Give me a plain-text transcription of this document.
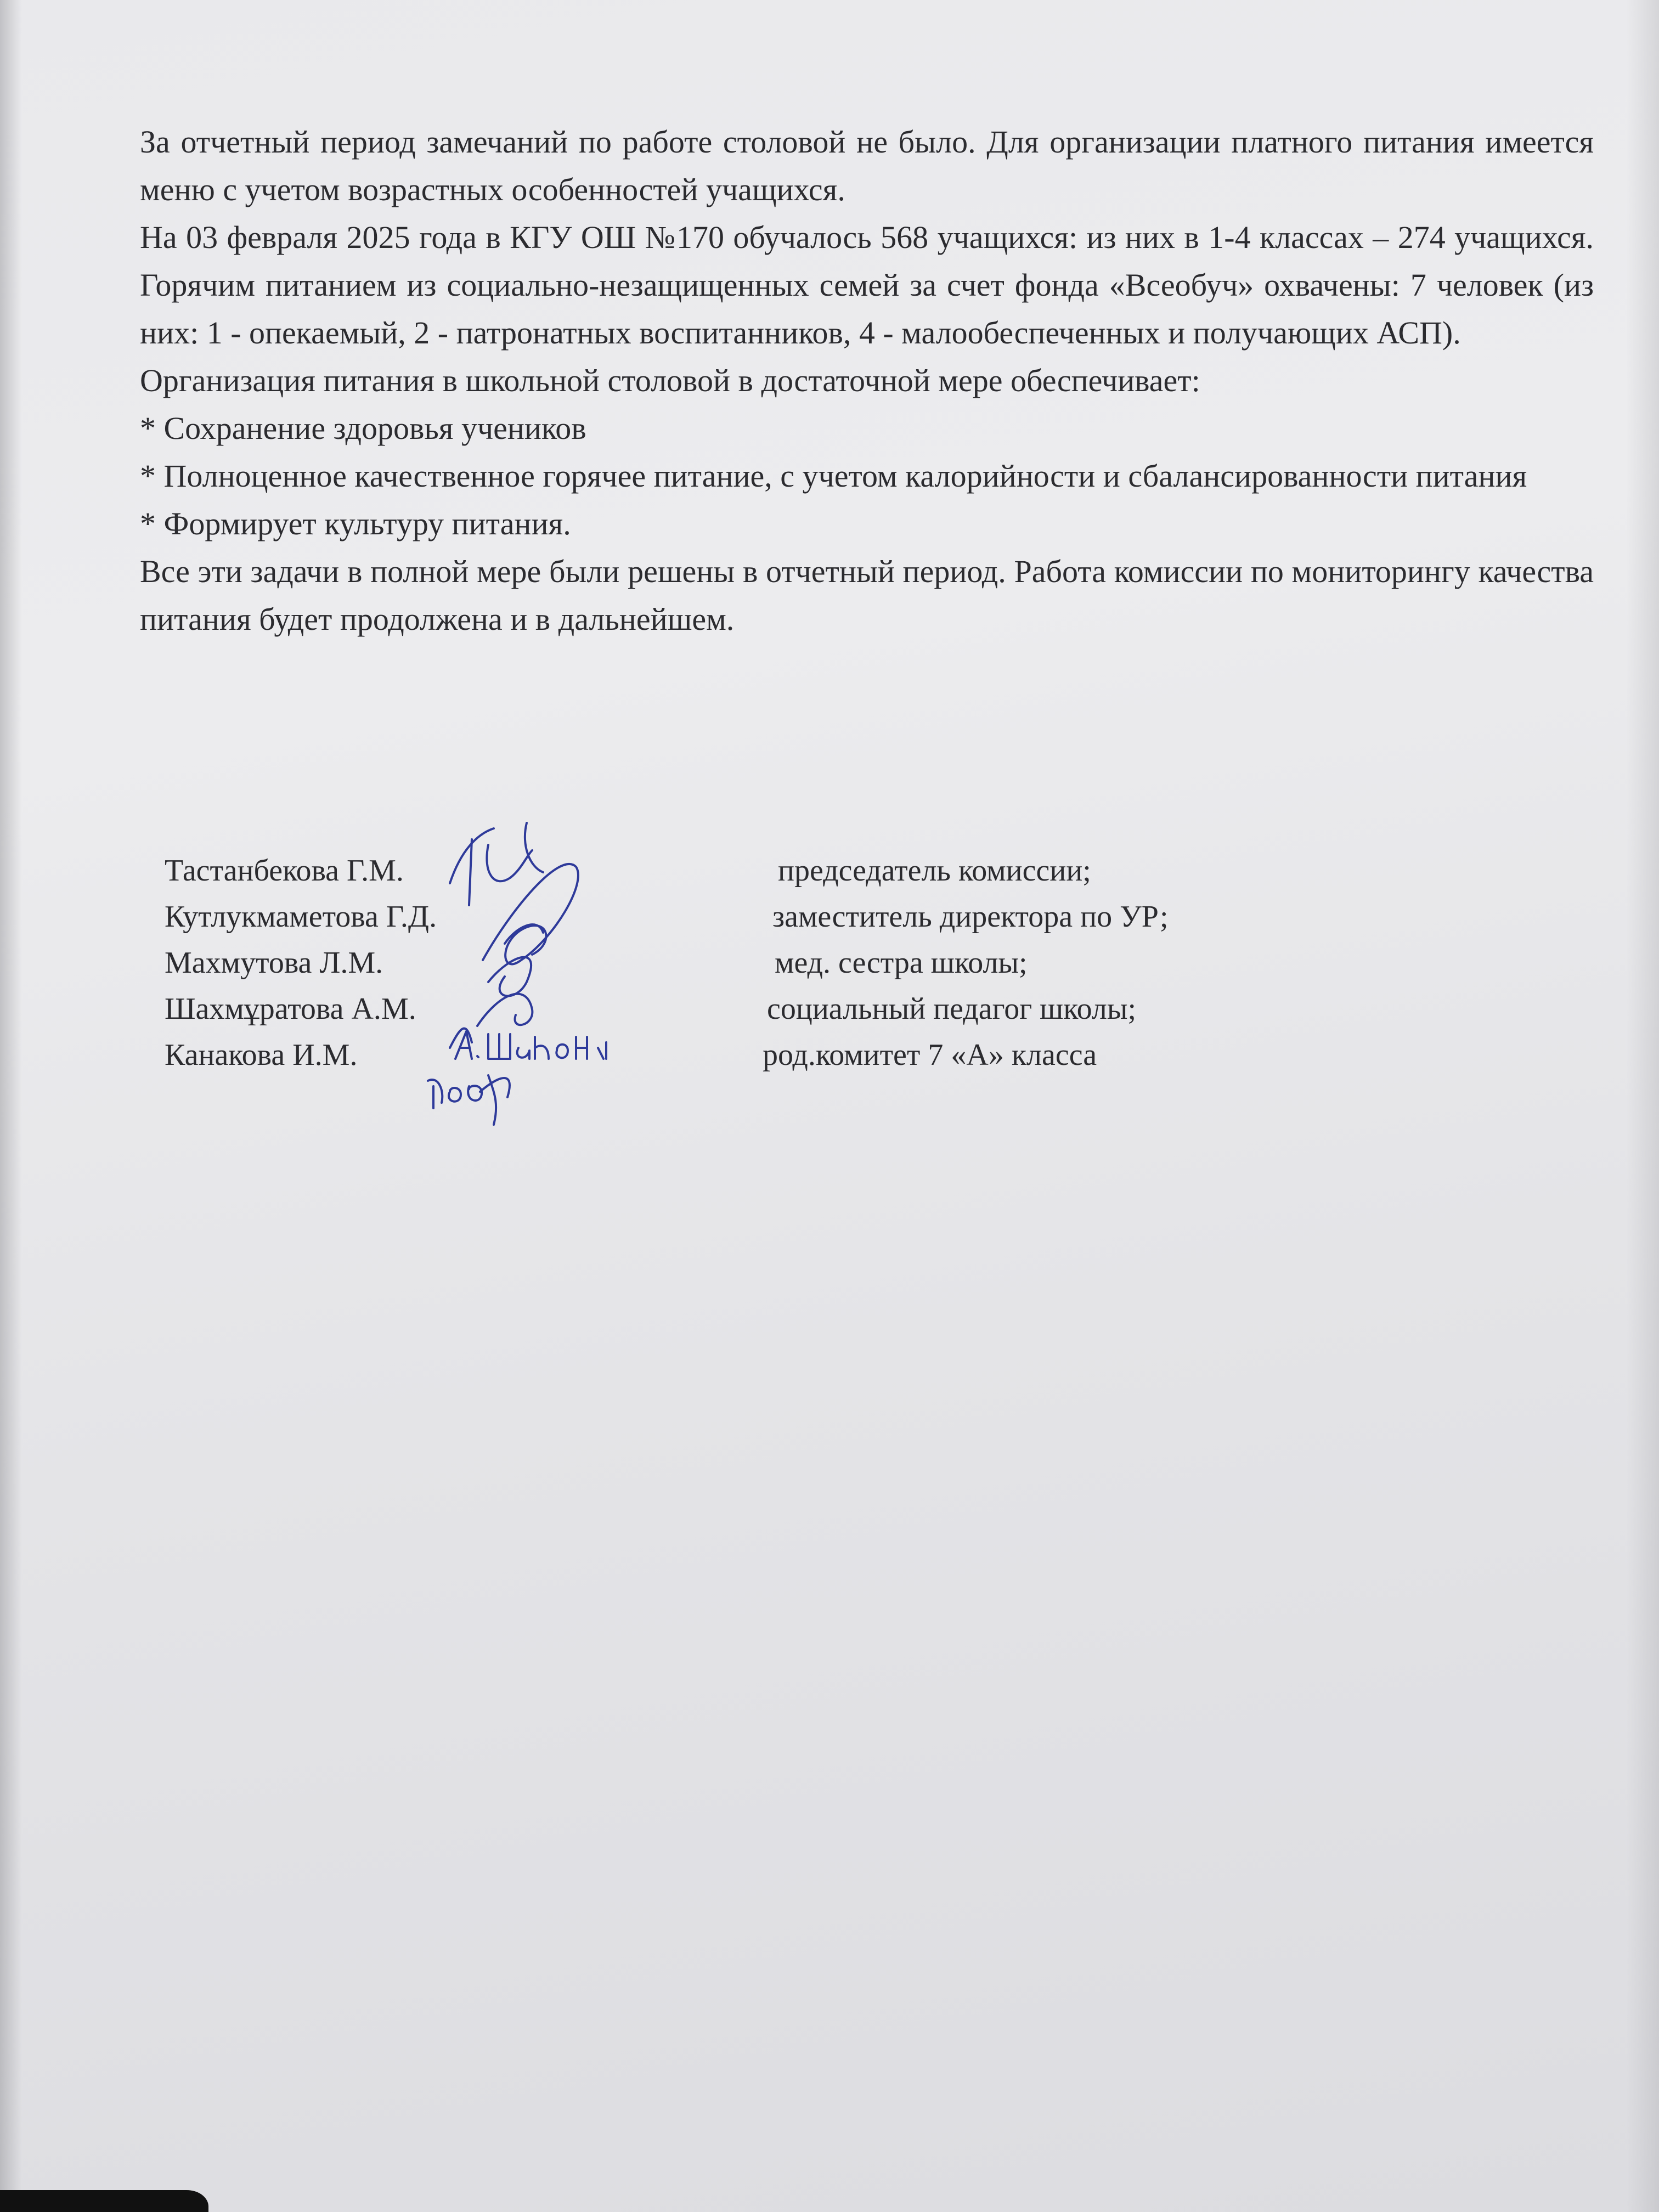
За отчетный период замечаний по работе столовой не было. Для организации платного питания имеется меню с учетом возрастных особенностей учащихся.

На 03 февраля 2025 года в КГУ ОШ №170 обучалось 568 учащихся: из них в 1-4 классах – 274 учащихся. Горячим питанием из социально-незащищенных семей за счет фонда «Всеобуч» охвачены: 7 человек (из них: 1 - опекаемый, 2 - патронатных воспитанников, 4 - малообеспеченных и получающих АСП).

Организация питания в школьной столовой в достаточной мере обеспечивает:

* Сохранение здоровья учеников

* Полноценное качественное горячее питание, с учетом калорийности и сбалансированности питания

* Формирует культуру питания.

Все эти задачи в полной мере были решены в отчетный период. Работа комиссии по мониторингу качества питания будет продолжена и в дальнейшем.

Тастанбекова Г.М.	председатель комиссии;
Кутлукмаметова Г.Д.	заместитель директора по УР;
Махмутова Л.М.	мед. сестра школы;
Шахмұратова А.М.	социальный педагог школы;
Канакова И.М.	род.комитет 7 «А» класса
